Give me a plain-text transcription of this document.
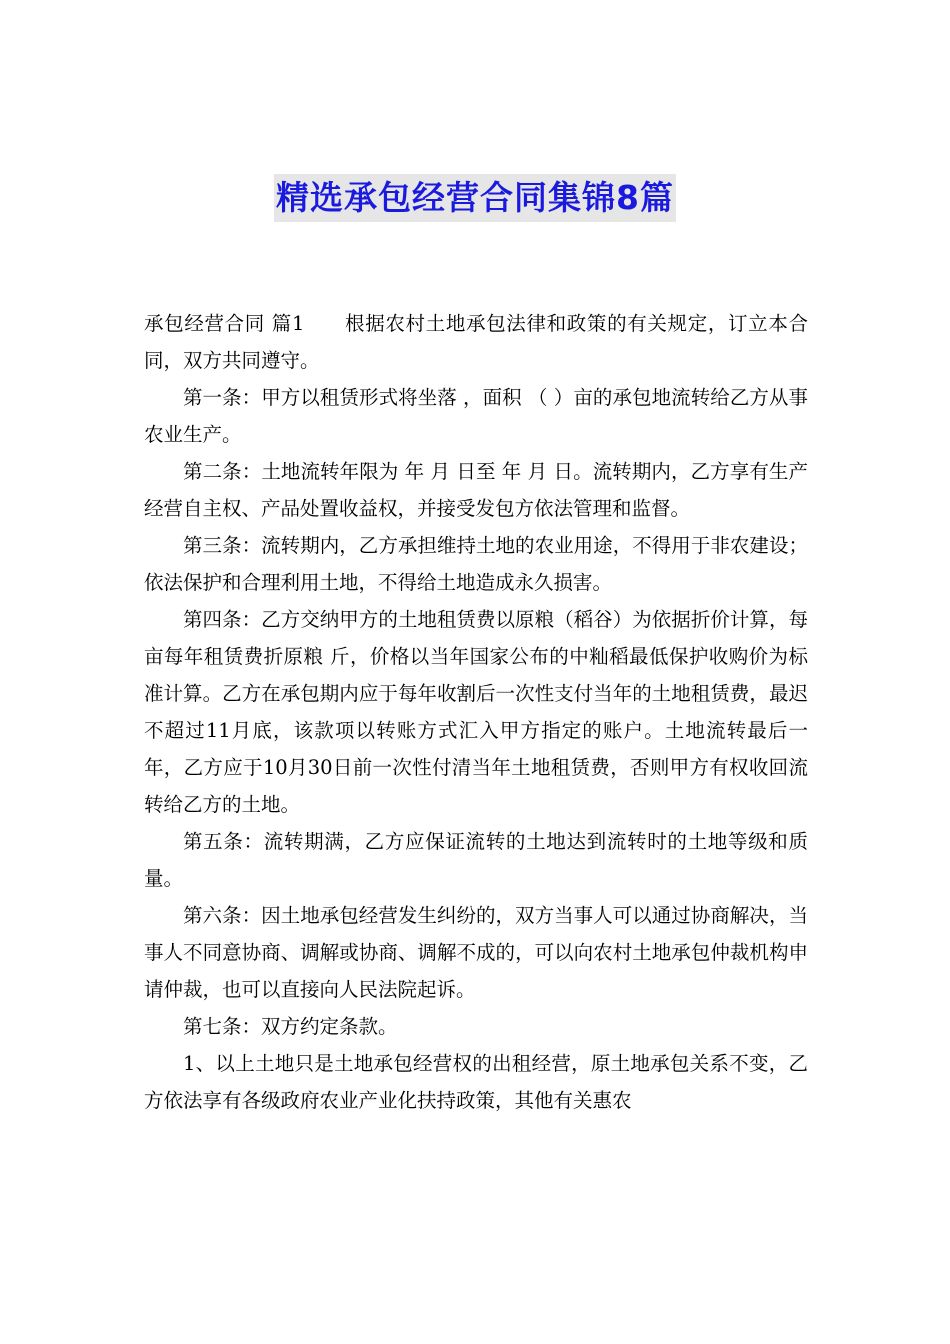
精选承包经营合同集锦8篇

承包经营合同 篇1 根据农村土地承包法律和政策的有关规定，订立本合同，双方共同遵守。

第一条：甲方以租赁形式将坐落 ，面积 （ ）亩的承包地流转给乙方从事农业生产。

第二条：土地流转年限为 年 月 日至 年 月 日。流转期内，乙方享有生产经营自主权、产品处置收益权，并接受发包方依法管理和监督。

第三条：流转期内，乙方承担维持土地的农业用途，不得用于非农建设；依法保护和合理利用土地，不得给土地造成永久损害。

第四条：乙方交纳甲方的土地租赁费以原粮（稻谷）为依据折价计算，每亩每年租赁费折原粮 斤，价格以当年国家公布的中籼稻最低保护收购价为标准计算。乙方在承包期内应于每年收割后一次性支付当年的土地租赁费，最迟不超过11月底，该款项以转账方式汇入甲方指定的账户。土地流转最后一年，乙方应于10月30日前一次性付清当年土地租赁费，否则甲方有权收回流转给乙方的土地。

第五条：流转期满，乙方应保证流转的土地达到流转时的土地等级和质量。

第六条：因土地承包经营发生纠纷的，双方当事人可以通过协商解决，当事人不同意协商、调解或协商、调解不成的，可以向农村土地承包仲裁机构申请仲裁，也可以直接向人民法院起诉。

第七条：双方约定条款。

1、以上土地只是土地承包经营权的出租经营，原土地承包关系不变，乙方依法享有各级政府农业产业化扶持政策，其他有关惠农
